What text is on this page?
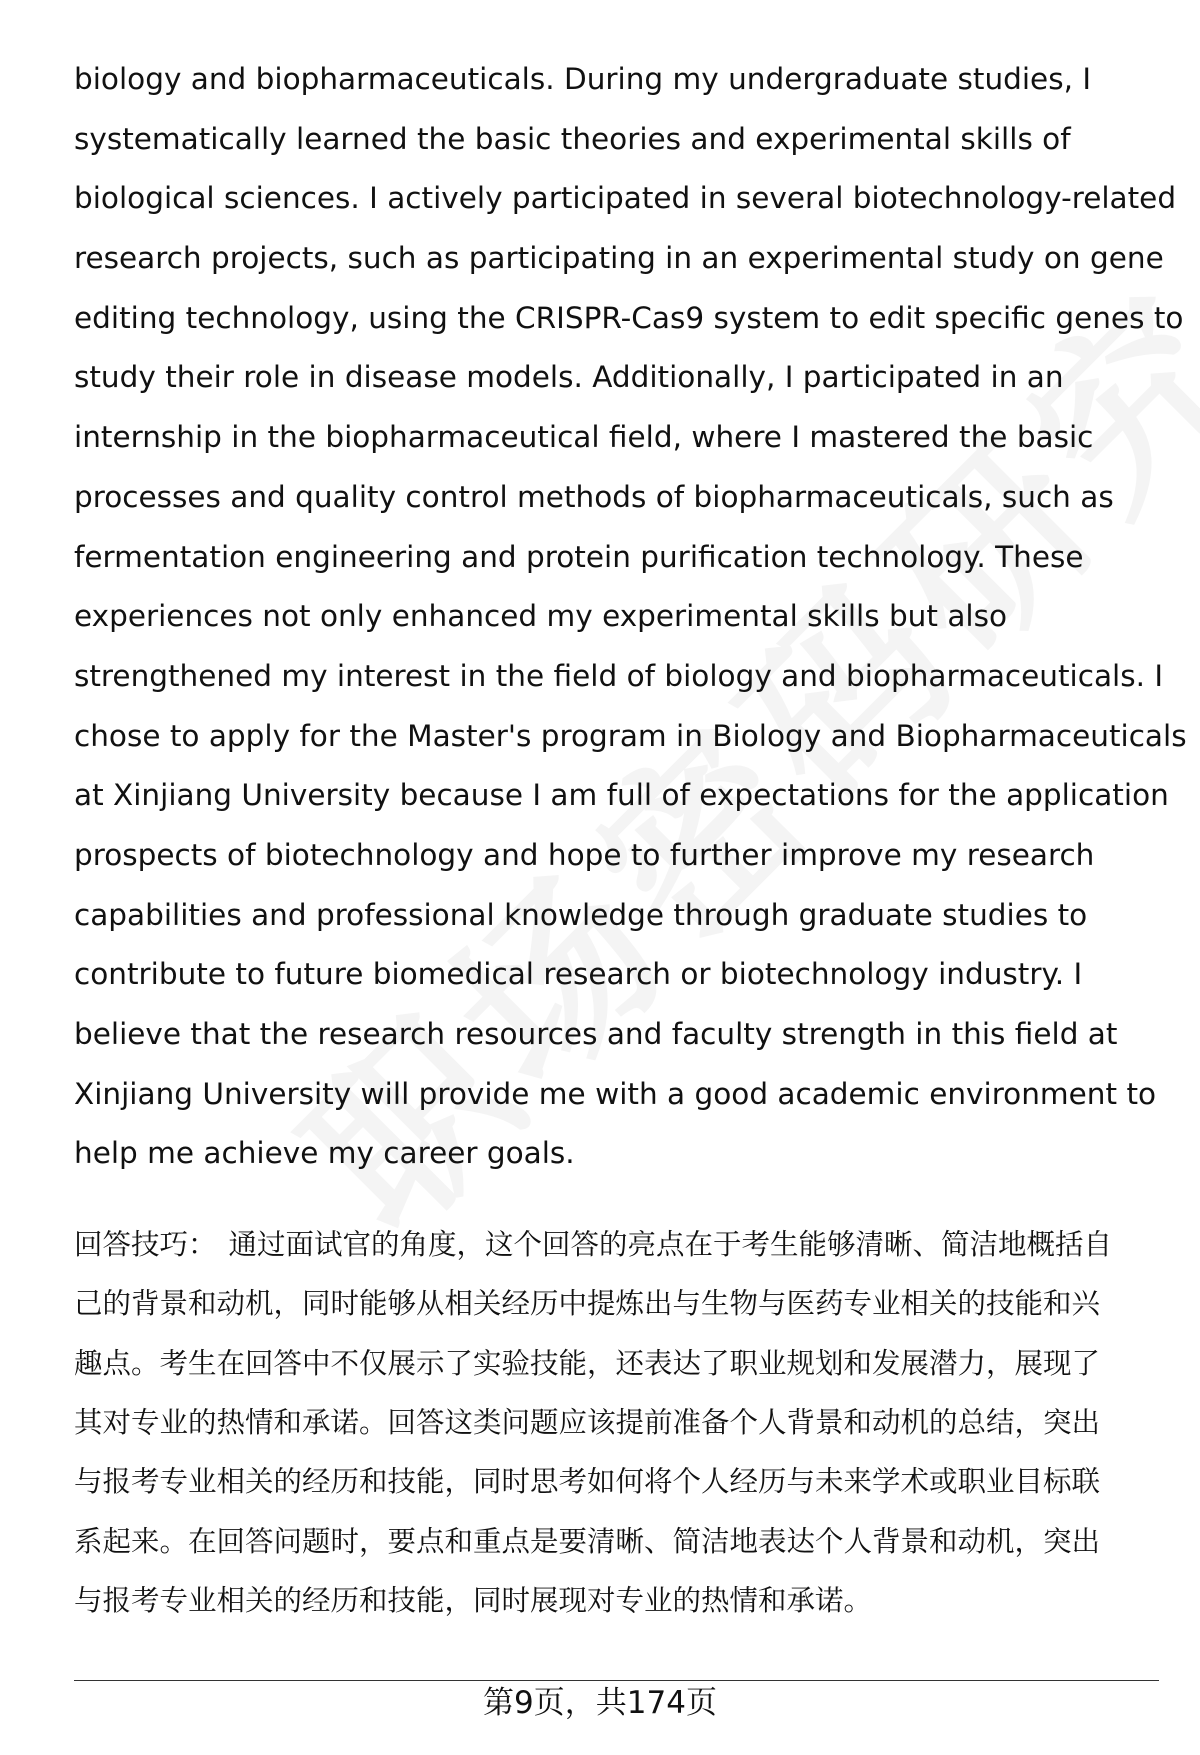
biology and biopharmaceuticals. During my undergraduate studies, I
systematically learned the basic theories and experimental skills of
biological sciences. I actively participated in several biotechnology-related
research projects, such as participating in an experimental study on gene
editing technology, using the CRISPR-Cas9 system to edit specific genes to
study their role in disease models. Additionally, I participated in an
internship in the biopharmaceutical field, where I mastered the basic
processes and quality control methods of biopharmaceuticals, such as
fermentation engineering and protein purification technology. These
experiences not only enhanced my experimental skills but also
strengthened my interest in the field of biology and biopharmaceuticals. I
chose to apply for the Master's program in Biology and Biopharmaceuticals
at Xinjiang University because I am full of expectations for the application
prospects of biotechnology and hope to further improve my research
capabilities and professional knowledge through graduate studies to
contribute to future biomedical research or biotechnology industry. I
believe that the research resources and faculty strength in this field at
Xinjiang University will provide me with a good academic environment to
help me achieve my career goals.
回答技巧： 通过面试官的角度，这个回答的亮点在于考生能够清晰、简洁地概括自
己的背景和动机，同时能够从相关经历中提炼出与生物与医药专业相关的技能和兴
趣点。考生在回答中不仅展示了实验技能，还表达了职业规划和发展潜力，展现了
其对专业的热情和承诺。回答这类问题应该提前准备个人背景和动机的总结，突出
与报考专业相关的经历和技能，同时思考如何将个人经历与未来学术或职业目标联
系起来。在回答问题时，要点和重点是要清晰、简洁地表达个人背景和动机，突出
与报考专业相关的经历和技能，同时展现对专业的热情和承诺。
第9页，共174页
